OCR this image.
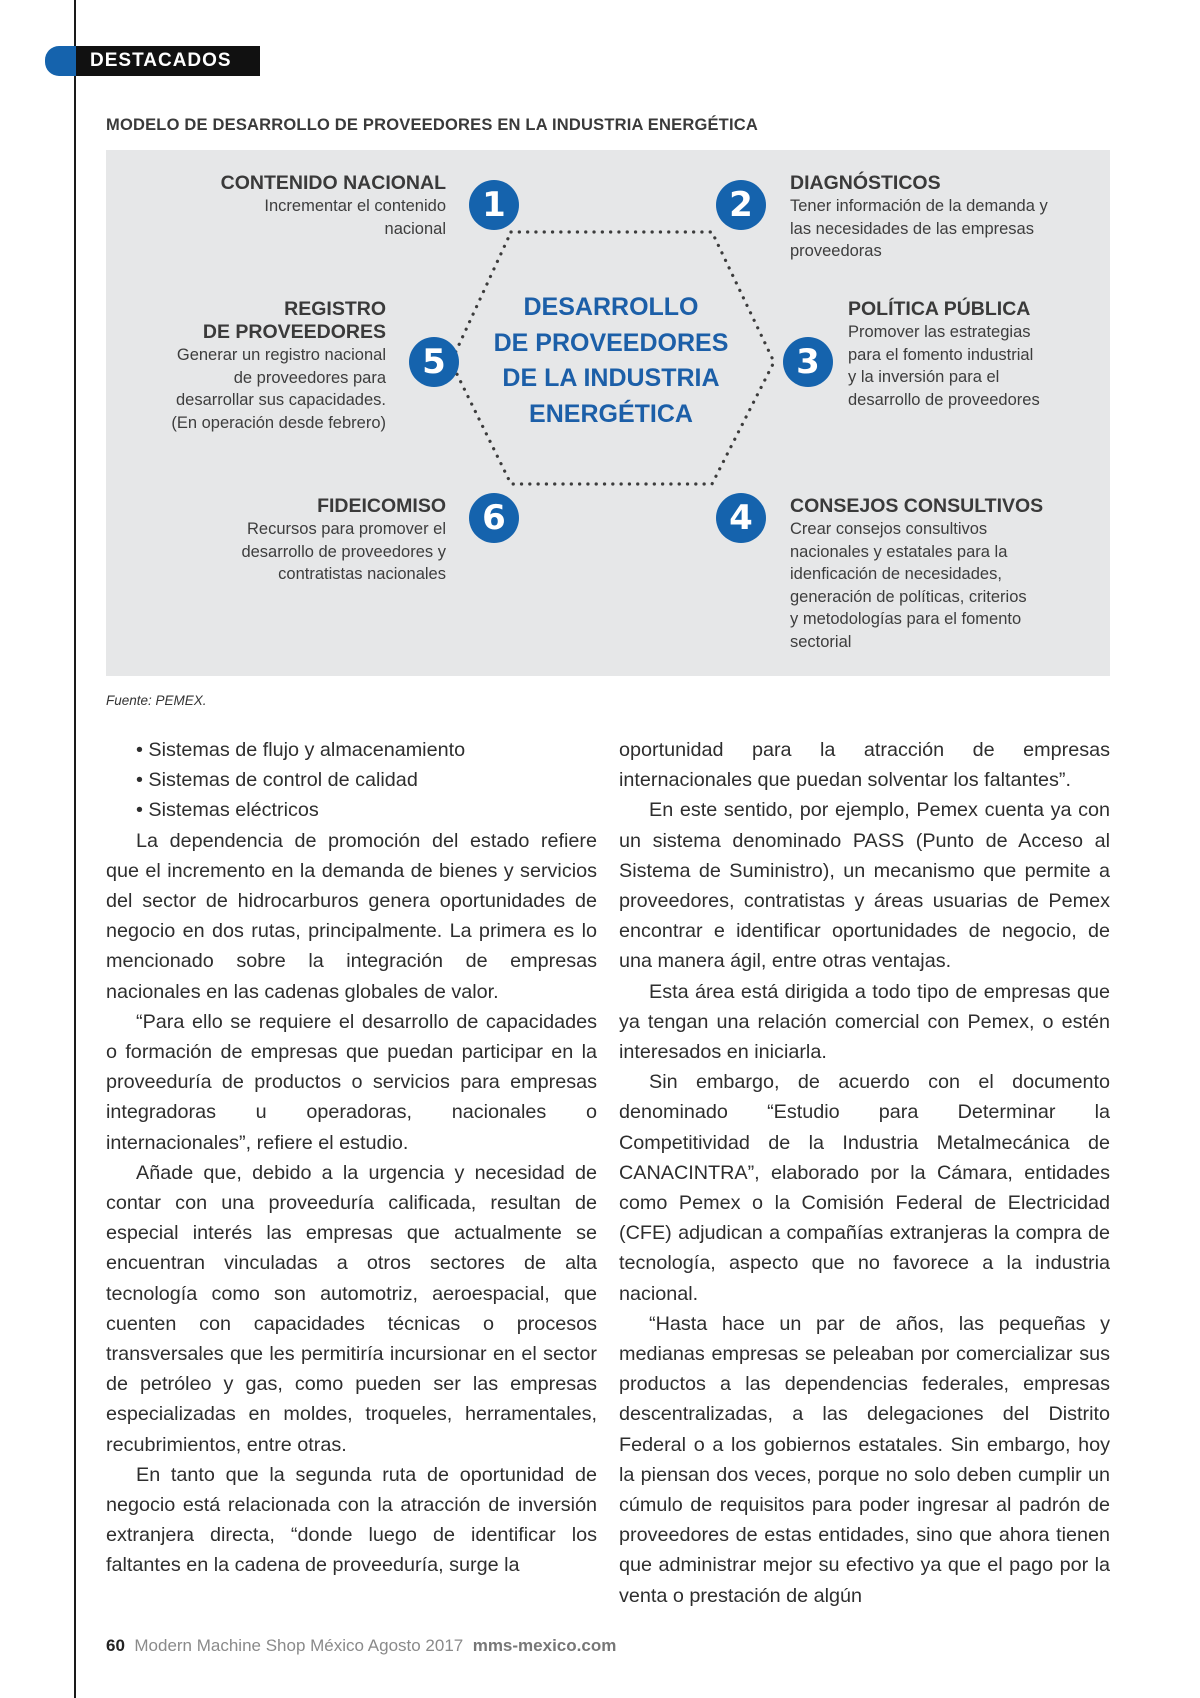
DESTACADOS
MODELO DE DESARROLLO DE PROVEEDORES EN LA INDUSTRIA ENERGÉTICA
DESARROLLO
DE PROVEEDORES
DE LA INDUSTRIA
ENERGÉTICA
1	2
3
4
5
6
CONTENIDO NACIONAL
Incrementar el contenido
nacional
DIAGNÓSTICOS
Tener información de la demanda y
las necesidades de las empresas
proveedoras
POLÍTICA PÚBLICA
Promover las estrategias
para el fomento industrial
y la inversión para el
desarrollo de proveedores
CONSEJOS CONSULTIVOS
Crear consejos consultivos
nacionales y estatales para la
idenficación de necesidades,
generación de políticas, criterios
y metodologías para el fomento
sectorial
REGISTRO
DE PROVEEDORES
Generar un registro nacional
de proveedores para
desarrollar sus capacidades.
(En operación desde febrero)
FIDEICOMISO
Recursos para promover el
desarrollo de proveedores y
contratistas nacionales
Fuente: PEMEX.
• Sistemas de flujo y almacenamiento
• Sistemas de control de calidad
• Sistemas eléctricos

La dependencia de promoción del estado refiere que el incremento en la demanda de bienes y servicios del sector de hidrocarburos genera oportunidades de negocio en dos rutas, principalmente. La primera es lo mencionado sobre la integración de empresas nacionales en las cadenas globales de valor.

“Para ello se requiere el desarrollo de capacidades o formación de empresas que puedan participar en la proveeduría de productos o servicios para empresas integradoras u operadoras, nacionales o internacionales”, refiere el estudio.

Añade que, debido a la urgencia y necesidad de contar con una proveeduría calificada, resultan de especial interés las empresas que actualmente se encuentran vinculadas a otros sectores de alta tecnología como son automotriz, aeroespacial, que cuenten con capacidades técnicas o procesos transversales que les permitiría incursionar en el sector de petróleo y gas, como pueden ser las empresas especializadas en moldes, troqueles, herramentales, recubrimientos, entre otras.

En tanto que la segunda ruta de oportunidad de negocio está relacionada con la atracción de inversión extranjera directa, “donde luego de identificar los faltantes en la cadena de proveeduría, surge la

oportunidad para la atracción de empresas internacionales que puedan solventar los faltantes”.

En este sentido, por ejemplo, Pemex cuenta ya con un sistema denominado PASS (Punto de Acceso al Sistema de Suministro), un mecanismo que permite a proveedores, contratistas y áreas usuarias de Pemex encontrar e identificar oportunidades de negocio, de una manera ágil, entre otras ventajas.

Esta área está dirigida a todo tipo de empresas que ya tengan una relación comercial con Pemex, o estén interesados en iniciarla.

Sin embargo, de acuerdo con el documento denominado “Estudio para Determinar la Competitividad de la Industria Metalmecánica de CANACINTRA”, elaborado por la Cámara, entidades como Pemex o la Comisión Federal de Electricidad (CFE) adjudican a compañías extranjeras la compra de tecnología, aspecto que no favorece a la industria nacional.

“Hasta hace un par de años, las pequeñas y medianas empresas se peleaban por comercializar sus productos a las dependencias federales, empresas descentralizadas, a las delegaciones del Distrito Federal o a los gobiernos estatales. Sin embargo, hoy la piensan dos veces, porque no solo deben cumplir un cúmulo de requisitos para poder ingresar al padrón de proveedores de estas entidades, sino que ahora tienen que administrar mejor su efectivo ya que el pago por la venta o prestación de algún

60 Modern Machine Shop México Agosto 2017 mms-mexico.com
